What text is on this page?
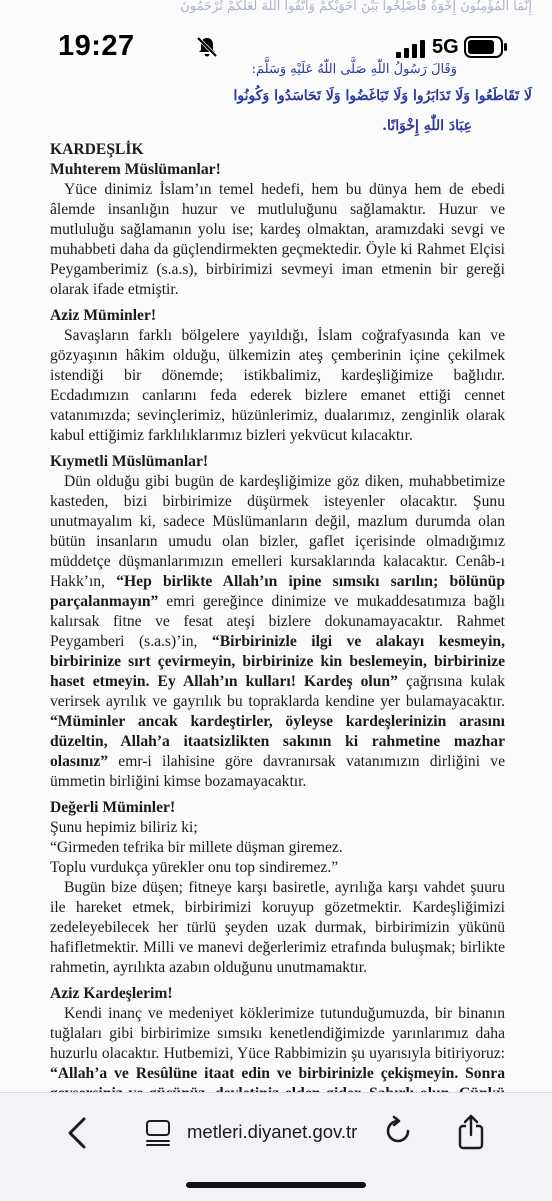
إِنَّمَا الْمُؤْمِنُونَ إِخْوَةٌ فَأَصْلِحُوا بَيْنَ أَخَوَيْكُمْ وَاتَّقُوا اللّٰهَ لَعَلَّكُمْ تُرْحَمُونَ
وَقَالَ رَسُولُ اللّٰهِ صَلَّى اللّٰهُ عَلَيْهِ وَسَلَّمَ:
لَا تَقَاطَعُوا وَلَا تَدَابَرُوا وَلَا تَبَاغَضُوا وَلَا تَحَاسَدُوا وَكُونُوا
عِبَادَ اللّٰهِ إِخْوَانًا.

KARDEŞLİK

Muhterem Müslümanlar!

Yüce dinimiz İslam’ın temel hedefi, hem bu dünya hem de ebedi âlemde insanlığın huzur ve mutluluğunu sağlamaktır. Huzur ve mutluluğu sağlamanın yolu ise; kardeş olmaktan, aramızdaki sevgi ve muhabbeti daha da güçlendirmekten geçmektedir. Öyle ki Rahmet Elçisi Peygamberimiz (s.a.s), birbirimizi sevmeyi iman etmenin bir gereği olarak ifade etmiştir.

Aziz Müminler!

Savaşların farklı bölgelere yayıldığı, İslam coğrafyasında kan ve gözyaşının hâkim olduğu, ülkemizin ateş çemberinin içine çekilmek istendiği bir dönemde; istikbalimiz, kardeşliğimize bağlıdır. Ecdadımızın canlarını feda ederek bizlere emanet ettiği cennet vatanımızda; sevinçlerimiz, hüzünlerimiz, dualarımız, zenginlik olarak kabul ettiğimiz farklılıklarımız bizleri yekvücut kılacaktır.

Kıymetli Müslümanlar!

Dün olduğu gibi bugün de kardeşliğimize göz diken, muhabbetimize kasteden, bizi birbirimize düşürmek isteyenler olacaktır. Şunu unutmayalım ki, sadece Müslümanların değil, mazlum durumda olan bütün insanların umudu olan bizler, gaflet içerisinde olmadığımız müddetçe düşmanlarımızın emelleri kursaklarında kalacaktır. Cenâb-ı Hakk’ın, “Hep birlikte Allah’ın ipine sımsıkı sarılın; bölünüp parçalanmayın” emri gereğince dinimize ve mukaddesatımıza bağlı kalırsak fitne ve fesat ateşi bizlere dokunamayacaktır. Rahmet Peygamberi (s.a.s)’in, “Birbirinizle ilgi ve alakayı kesmeyin, birbirinize sırt çevirmeyin, birbirinize kin beslemeyin, birbirinize haset etmeyin. Ey Allah’ın kulları! Kardeş olun” çağrısına kulak verirsek ayrılık ve gayrılık bu topraklarda kendine yer bulamayacaktır. “Müminler ancak kardeştirler, öyleyse kardeşlerinizin arasını düzeltin, Allah’a itaatsizlikten sakının ki rahmetine mazhar olasınız” emr-i ilahisine göre davranırsak vatanımızın dirliğini ve ümmetin birliğini kimse bozamayacaktır.

Değerli Müminler!

Şunu hepimiz biliriz ki;

“Girmeden tefrika bir millete düşman giremez.

Toplu vurdukça yürekler onu top sindiremez.”

Bugün bize düşen; fitneye karşı basiretle, ayrılığa karşı vahdet şuuru ile hareket etmek, birbirimizi koruyup gözetmektir. Kardeşliğimizi zedeleyebilecek her türlü şeyden uzak durmak, birbirimizin yükünü hafifletmektir. Milli ve manevi değerlerimiz etrafında buluşmak; birlikte rahmetin, ayrılıkta azabın olduğunu unutmamaktır.

Aziz Kardeşlerim!

Kendi inanç ve medeniyet köklerimize tutunduğumuzda, bir binanın tuğlaları gibi birbirimize sımsıkı kenetlendiğimizde yarınlarımız daha huzurlu olacaktır. Hutbemizi, Yüce Rabbimizin şu uyarısıyla bitiriyoruz: “Allah’a ve Resûlüne itaat edin ve birbirinizle çekişmeyin. Sonra

19:27	5G
metleri.diyanet.gov.tr
